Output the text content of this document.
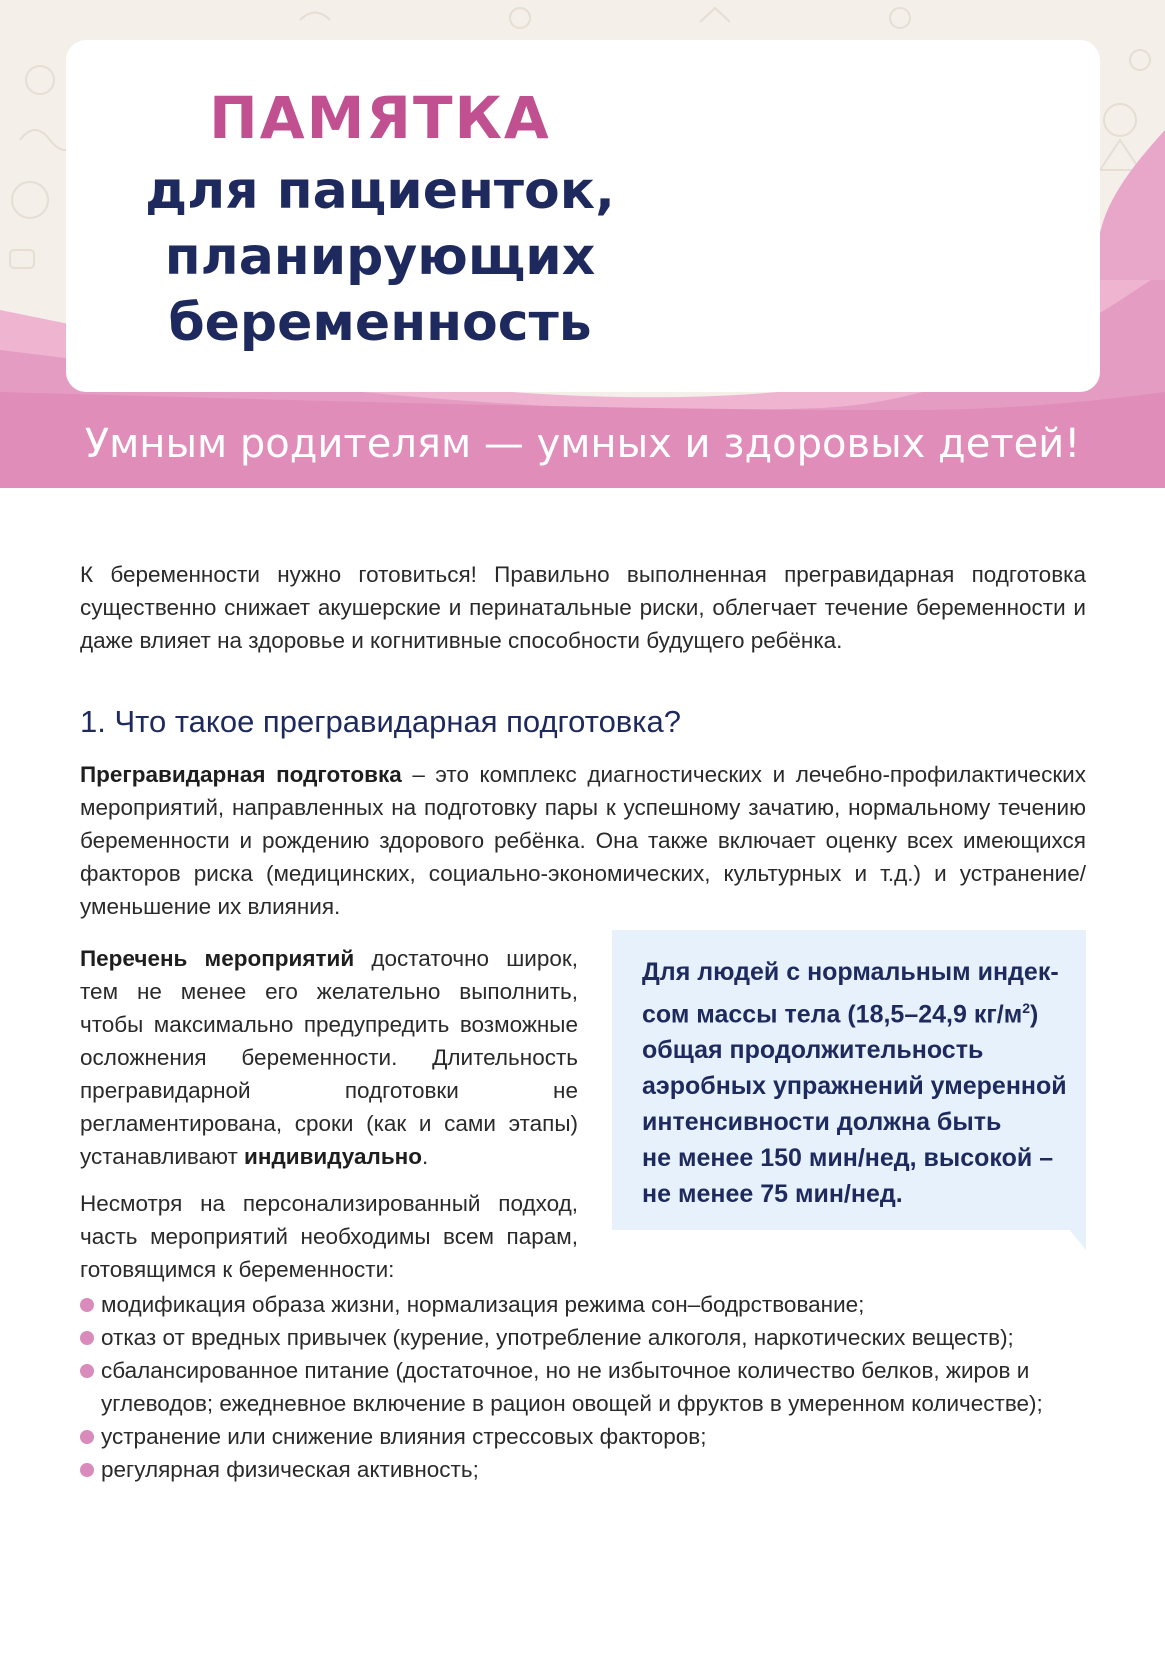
ПАМЯТКА
для пациенток,
планирующих
беременность
Умным родителям — умных и здоровых детей!
К беременности нужно готовиться! Правильно выполненная прегравидарная подготовка существенно снижает акушерские и перинатальные риски, облегчает течение беременности и даже влияет на здоровье и когнитивные способности будущего ребёнка.
1. Что такое прегравидарная подготовка?
Прегравидарная подготовка – это комплекс диагностических и лечебно-профилактических мероприятий, направленных на подготовку пары к успешному зачатию, нормальному течению беременности и рождению здорового ребёнка. Она также включает оценку всех имеющихся факторов риска (медицинских, социально-экономических, культурных и т.д.) и устранение/уменьшение их влияния.

Перечень мероприятий достаточно широк, тем не менее его желательно выполнить, чтобы максимально предупредить возможные осложнения беременности. Длительность прегравидарной подготовки не регламентирована, сроки (как и сами этапы) устанавливают индивидуально.

Несмотря на персонализированный подход, часть мероприятий необходимы всем парам, готовящимся к беременности:

Для людей с нормальным индек-
сом массы тела (18,5–24,9 $кг/м^2$)
общая продолжительность
аэробных упражнений умеренной
интенсивности должна быть
не менее 150 мин/нед, высокой –
не менее 75 мин/нед.
модификация образа жизни, нормализация режима сон–бодрствование;
отказ от вредных привычек (курение, употребление алкоголя, наркотических веществ);
сбалансированное питание (достаточное, но не избыточное количество белков, жиров и углеводов; ежедневное включение в рацион овощей и фруктов в умеренном количестве);
устранение или снижение влияния стрессовых факторов;
регулярная физическая активность;
